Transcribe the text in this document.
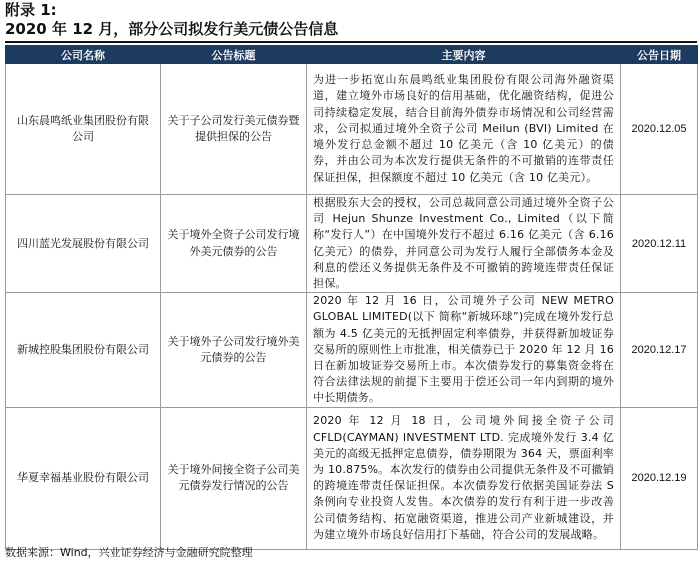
附录 1:
2020 年 12 月，部分公司拟发行美元债公告信息
公司名称	公告标题	主要内容	公告日期
山东晨鸣纸业集团股份有限公司	关于子公司发行美元债券暨提供担保的公告	为进一步拓宽山东晨鸣纸业集团股份有限公司海外融资渠道，建立境外市场良好的信用基础，优化融资结构，促进公司持续稳定发展，结合目前海外债券市场情况和公司经营需求，公司拟通过境外全资子公司 Meilun (BVI) Limited 在境外发行总金额不超过 10 亿美元（含 10 亿美元）的债券，并由公司为本次发行提供无条件的不可撤销的连带责任保证担保，担保额度不超过 10 亿美元（含 10 亿美元）。	2020.12.05
四川蓝光发展股份有限公司	关于境外全资子公司发行境外美元债券的公告	根据股东大会的授权，公司总裁同意公司通过境外全资子公司 Hejun Shunze Investment Co., Limited（以下简称“发行人”）在中国境外发行不超过 6.16 亿美元（含 6.16 亿美元）的债券，并同意公司为发行人履行全部债务本金及利息的偿还义务提供无条件及不可撤销的跨境连带责任保证担保。	2020.12.11
新城控股集团股份有限公司	关于境外子公司发行境外美元债券的公告	2020 年 12 月 16 日，公司境外子公司 NEW METRO GLOBAL LIMITED(以下 简称“新城环球”)完成在境外发行总额为 4.5 亿美元的无抵押固定利率债券，并获得新加坡证券交易所的原则性上市批准，相关债券已于 2020 年 12 月 16 日在新加坡证券交易所上市。本次债券发行的募集资金将在符合法律法规的前提下主要用于偿还公司一年内到期的境外中长期债务。	2020.12.17
华夏幸福基业股份有限公司	关于境外间接全资子公司美元债券发行情况的公告	2020 年 12 月 18 日，公司境外间接全资子公司 CFLD(CAYMAN) INVESTMENT LTD. 完成境外发行 3.4 亿美元的高级无抵押定息债券，债券期限为 364 天，票面利率为 10.875%。本次发行的债券由公司提供无条件及不可撤销的跨境连带责任保证担保。本次债券发行依据美国证券法 S 条例向专业投资人发售。本次债券的发行有利于进一步改善公司债务结构、拓宽融资渠道，推进公司产业新城建设，并为建立境外市场良好信用打下基础，符合公司的发展战略。	2020.12.19
数据来源：Wind，兴业证券经济与金融研究院整理
